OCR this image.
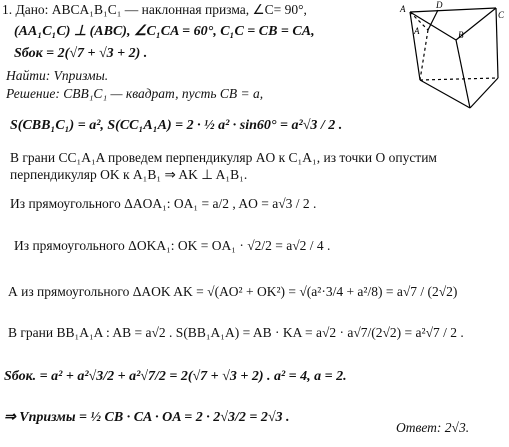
A	D
B
C
A
1. Дано: ABCA₁B₁C₁ — наклонная призма, ∠C= 90°,
(AA₁C₁C) ⊥ (ABC), ∠C₁CA = 60°, C₁C = CB = CA,
Sбок = 2(√7 + √3 + 2) .
Найти: Vпризмы.
Решение: CBB₁C₁ — квадрат, пусть CB = a,
S(CBB₁C₁) = a², S(CC₁A₁A) = 2 · ½ a² · sin60° = a²√3 / 2 .
В грани CC₁A₁A проведем перпендикуляр AO к C₁A₁, из точки O опустим
перпендикуляр OK к A₁B₁ ⇒ AK ⊥ A₁B₁.
Из прямоугольного ΔAOA₁: OA₁ = a/2 , AO = a√3 / 2 .
Из прямоугольного ΔOKA₁: OK = OA₁ · √2/2 = a√2 / 4 .
А из прямоугольного ΔAOK AK = √(AO² + OK²) = √(a²·3/4 + a²/8) = a√7 / (2√2)
В грани BB₁A₁A : AB = a√2 . S(BB₁A₁A) = AB · KA = a√2 · a√7/(2√2) = a²√7 / 2 .
Sбок. = a² + a²√3/2 + a²√7/2 = 2(√7 + √3 + 2) . a² = 4, a = 2.
⇒ Vпризмы = ½ CB · CA · OA = 2 · 2√3/2 = 2√3 .
Ответ: 2√3.
